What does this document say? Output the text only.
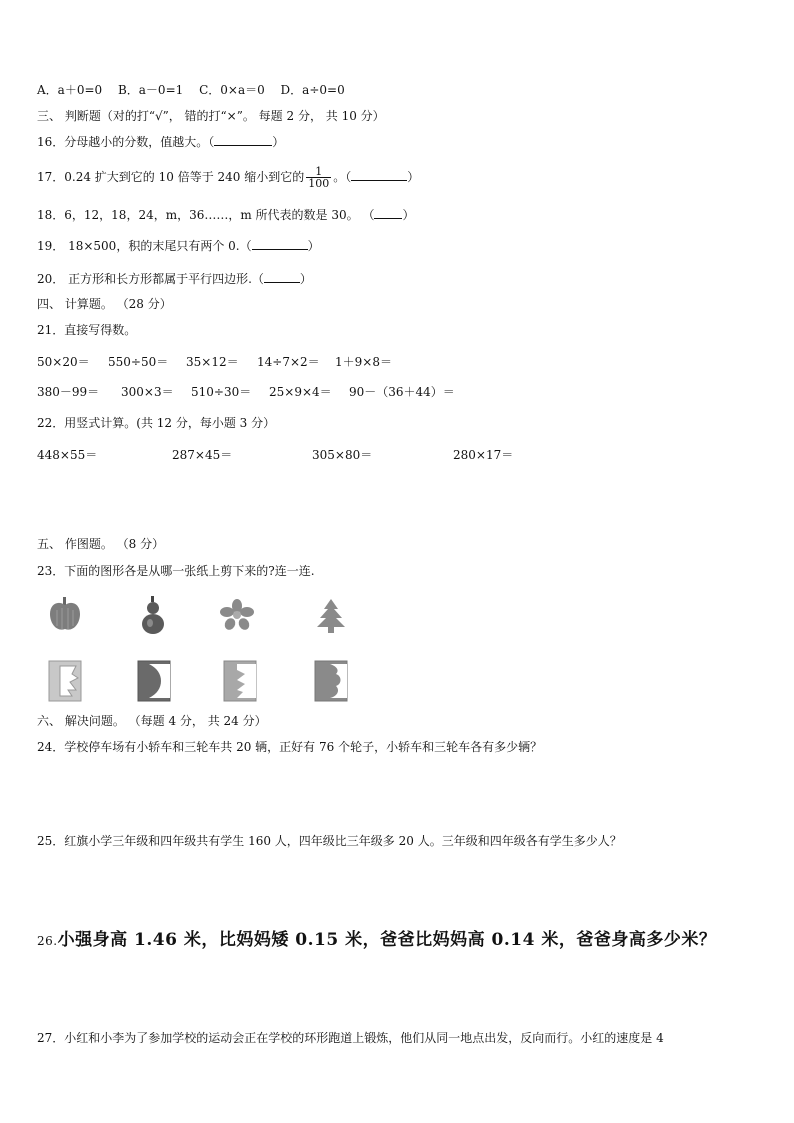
A．a＋0=0　 B．a－0=1　 C．0×a＝0　 D．a÷0=0
三、 判断题（对的打“√”， 错的打“×”。 每题 2 分， 共 10 分）
16．分母越小的分数，值越大。（	）
17．0.24 扩大到它的 10 倍等于 240 缩小到它的 $\frac{1}{100}$ 。（	）
18．6，12，18，24，m，36……，m 所代表的数是 30。 （ ）
19． 18×500，积的末尾只有两个 0.（	）
20． 正方形和长方形都属于平行四边形.（	）
四、 计算题。 （28 分）
21．直接写得数。
50×20＝ 550÷50＝ 35×12＝ 14÷7×2＝ 1＋9×8＝
380－99＝ 300×3＝ 510÷30＝ 25×9×4＝ 90－（36＋44）＝
22．用竖式计算。(共 12 分，每小题 3 分）
448×55＝	287×45＝	305×80＝	280×17＝
五、 作图题。 （8 分）
23．下面的图形各是从哪一张纸上剪下来的?连一连.
六、 解决问题。 （每题 4 分， 共 24 分）
24．学校停车场有小轿车和三轮车共 20 辆，正好有 76 个轮子，小轿车和三轮车各有多少辆？
25．红旗小学三年级和四年级共有学生 160 人，四年级比三年级多 20 人。三年级和四年级各有学生多少人？
26.小强身高 1.46 米，比妈妈矮 0.15 米，爸爸比妈妈高 0.14 米，爸爸身高多少米？
27．小红和小李为了参加学校的运动会正在学校的环形跑道上锻炼，他们从同一地点出发，反向而行。小红的速度是 4
